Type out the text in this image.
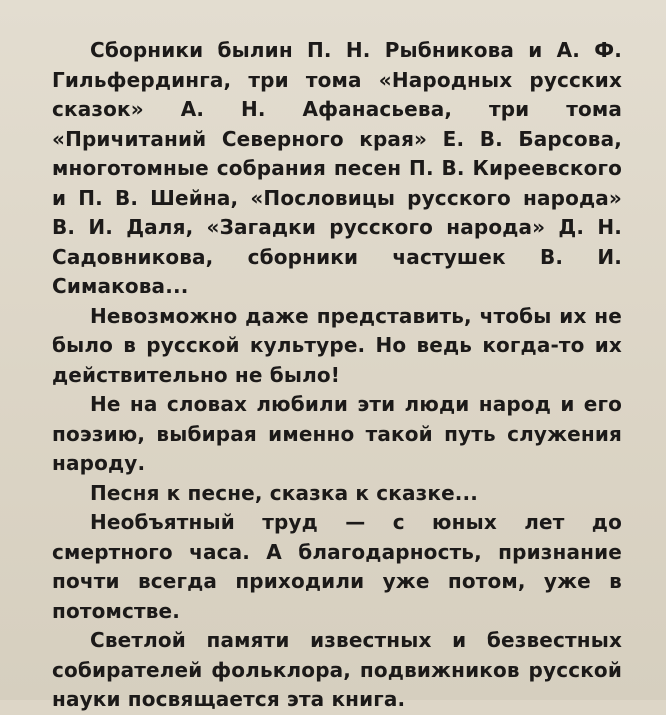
Сборники былин П. Н. Рыбникова и А. Ф. Гильфердинга, три тома «Народных русских сказок» А. Н. Афанасьева, три тома «Причитаний Северного края» Е. В. Барсова, многотомные собрания песен П. В. Киреевского и П. В. Шейна, «Пословицы русского народа» В. И. Даля, «Загадки русского народа» Д. Н. Садовникова, сборники частушек В. И. Симакова...

Невозможно даже представить, чтобы их не было в русской культуре. Но ведь когда-то их действительно не было!

Не на словах любили эти люди народ и его поэзию, выбирая именно такой путь служения народу.

Песня к песне, сказка к сказке...

Необъятный труд — с юных лет до смертного часа. А благодарность, признание почти всегда приходили уже потом, уже в потомстве.

Светлой памяти известных и безвестных собирателей фольклора, подвижников русской науки посвящается эта книга.
